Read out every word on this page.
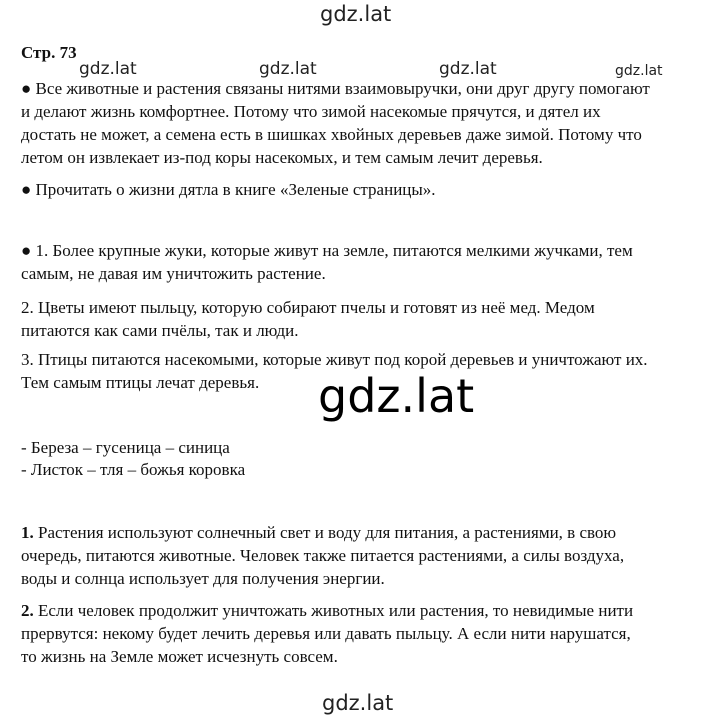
gdz.lat
Стр. 73
● Все животные и растения связаны нитями взаимовыручки, они друг другу помогают
и делают жизнь комфортнее. Потому что зимой насекомые прячутся, и дятел их
достать не может, а семена есть в шишках хвойных деревьев даже зимой. Потому что
летом он извлекает из-под коры насекомых, и тем самым лечит деревья.
gdz.lat	gdz.lat	gdz.lat	gdz.lat
● Прочитать о жизни дятла в книге «Зеленые страницы».
● 1. Более крупные жуки, которые живут на земле, питаются мелкими жучками, тем
самым, не давая им уничтожить растение.
2. Цветы имеют пыльцу, которую собирают пчелы и готовят из неё мед. Медом
питаются как сами пчёлы, так и люди.
3. Птицы питаются насекомыми, которые живут под корой деревьев и уничтожают их.
Тем самым птицы лечат деревья.	gdz.lat
- Береза – гусеница – синица
- Листок – тля – божья коровка
1. Растения используют солнечный свет и воду для питания, а растениями, в свою
очередь, питаются животные. Человек также питается растениями, а силы воздуха,
воды и солнца использует для получения энергии.
2. Если человек продолжит уничтожать животных или растения, то невидимые нити
прервутся: некому будет лечить деревья или давать пыльцу. А если нити нарушатся,
то жизнь на Земле может исчезнуть совсем.
gdz.lat
